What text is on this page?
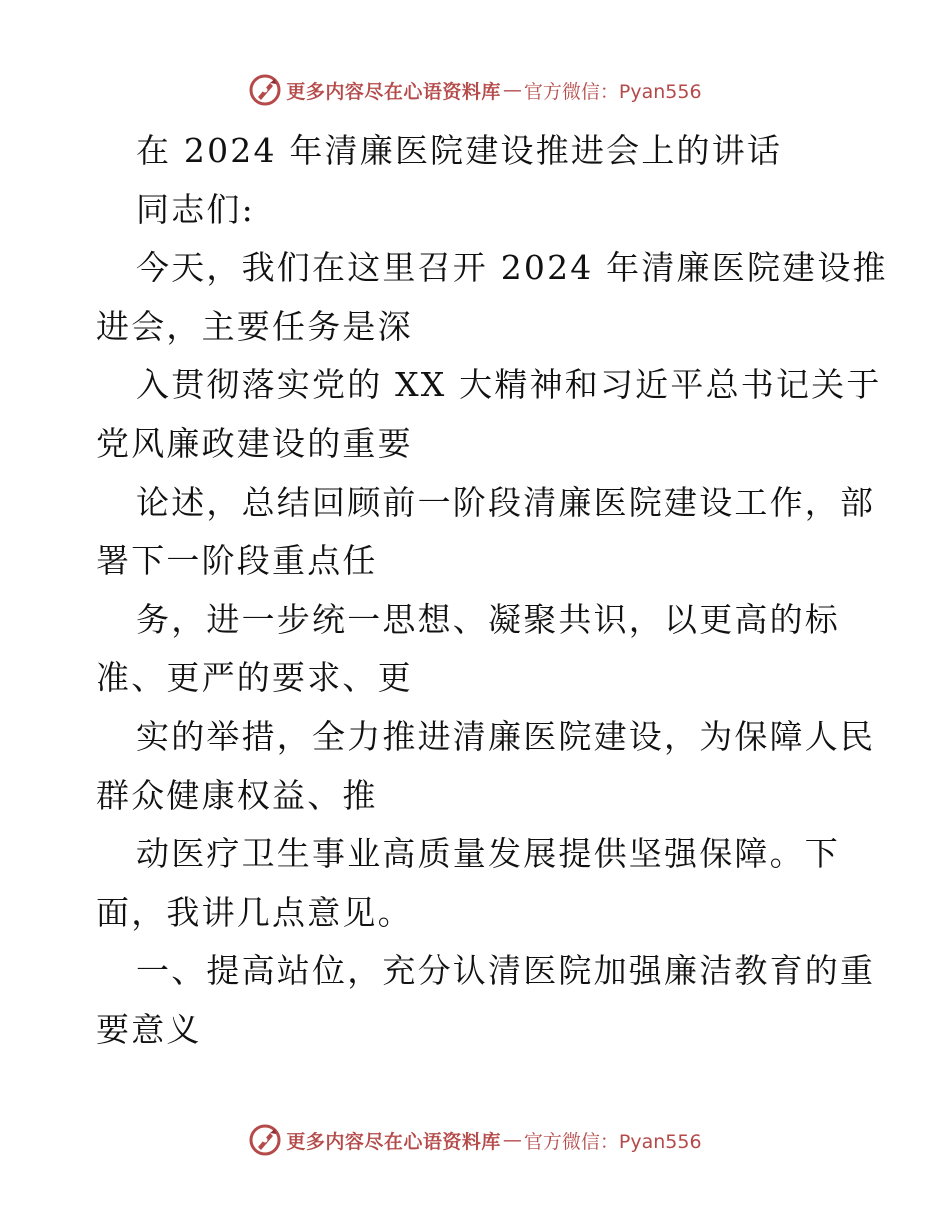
更多内容尽在心语资料库 — 官方微信：Pyan556

在 2024 年清廉医院建设推进会上的讲话

同志们:

今天，我们在这里召开 2024 年清廉医院建设推

进会，主要任务是深

入贯彻落实党的 XX 大精神和习近平总书记关于

党风廉政建设的重要

论述，总结回顾前一阶段清廉医院建设工作，部

署下一阶段重点任

务，进一步统一思想、凝聚共识，以更高的标

准、更严的要求、更

实的举措，全力推进清廉医院建设，为保障人民

群众健康权益、推

动医疗卫生事业高质量发展提供坚强保障。下

面，我讲几点意见。

一、提高站位，充分认清医院加强廉洁教育的重

要意义

更多内容尽在心语资料库 — 官方微信：Pyan556
